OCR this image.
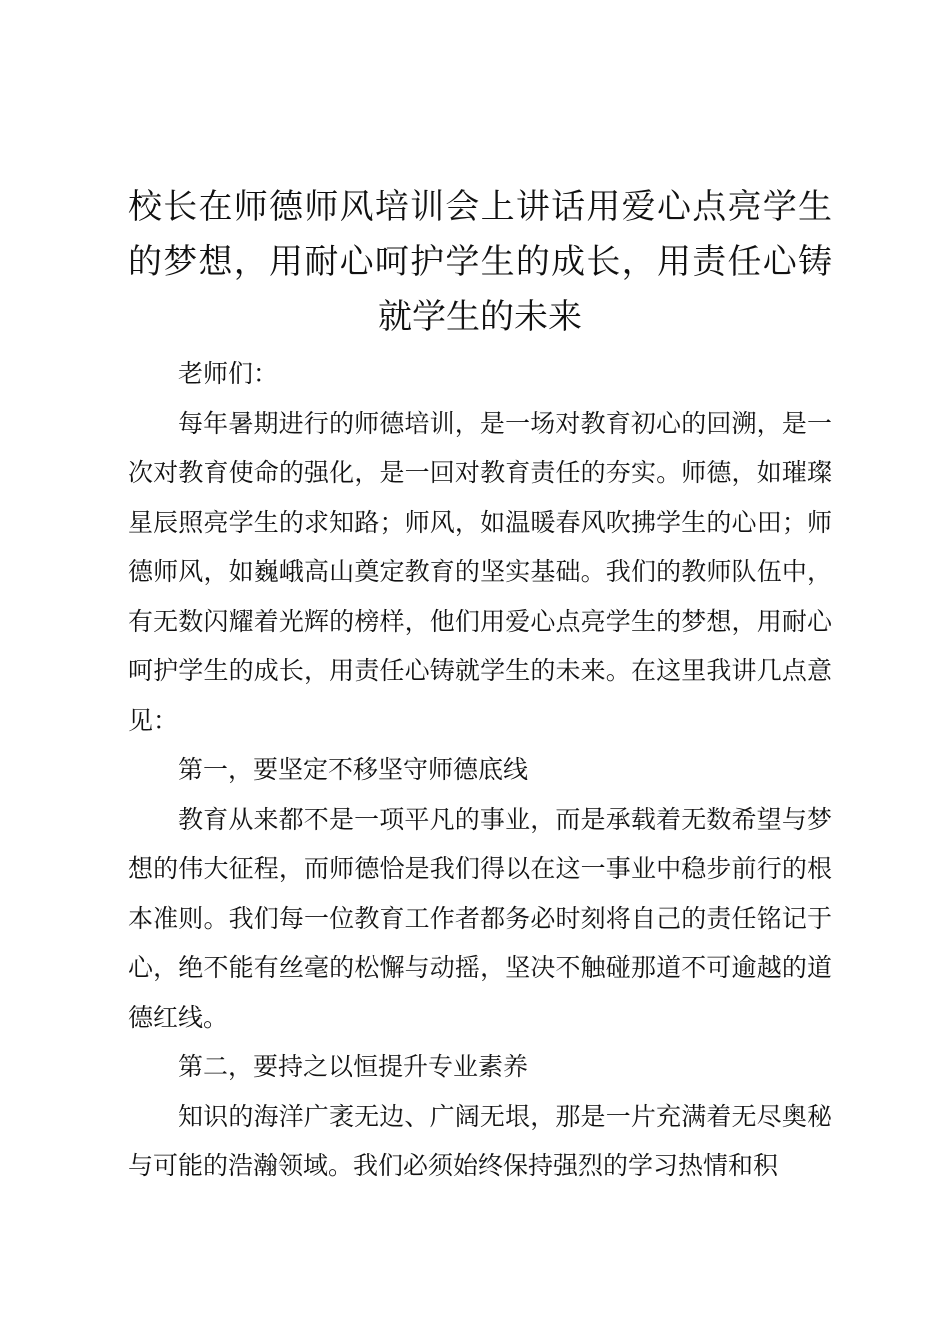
校长在师德师风培训会上讲话用爱心点亮学生的梦想，用耐心呵护学生的成长，用责任心铸就学生的未来

老师们：

每年暑期进行的师德培训，是一场对教育初心的回溯，是一次对教育使命的强化，是一回对教育责任的夯实。师德，如璀璨星辰照亮学生的求知路；师风，如温暖春风吹拂学生的心田；师德师风，如巍峨高山奠定教育的坚实基础。我们的教师队伍中，有无数闪耀着光辉的榜样，他们用爱心点亮学生的梦想，用耐心呵护学生的成长，用责任心铸就学生的未来。在这里我讲几点意见：

第一，要坚定不移坚守师德底线

教育从来都不是一项平凡的事业，而是承载着无数希望与梦想的伟大征程，而师德恰是我们得以在这一事业中稳步前行的根本准则。我们每一位教育工作者都务必时刻将自己的责任铭记于心，绝不能有丝毫的松懈与动摇，坚决不触碰那道不可逾越的道德红线。

第二，要持之以恒提升专业素养

知识的海洋广袤无边、广阔无垠，那是一片充满着无尽奥秘与可能的浩瀚领域。我们必须始终保持强烈的学习热情和积
